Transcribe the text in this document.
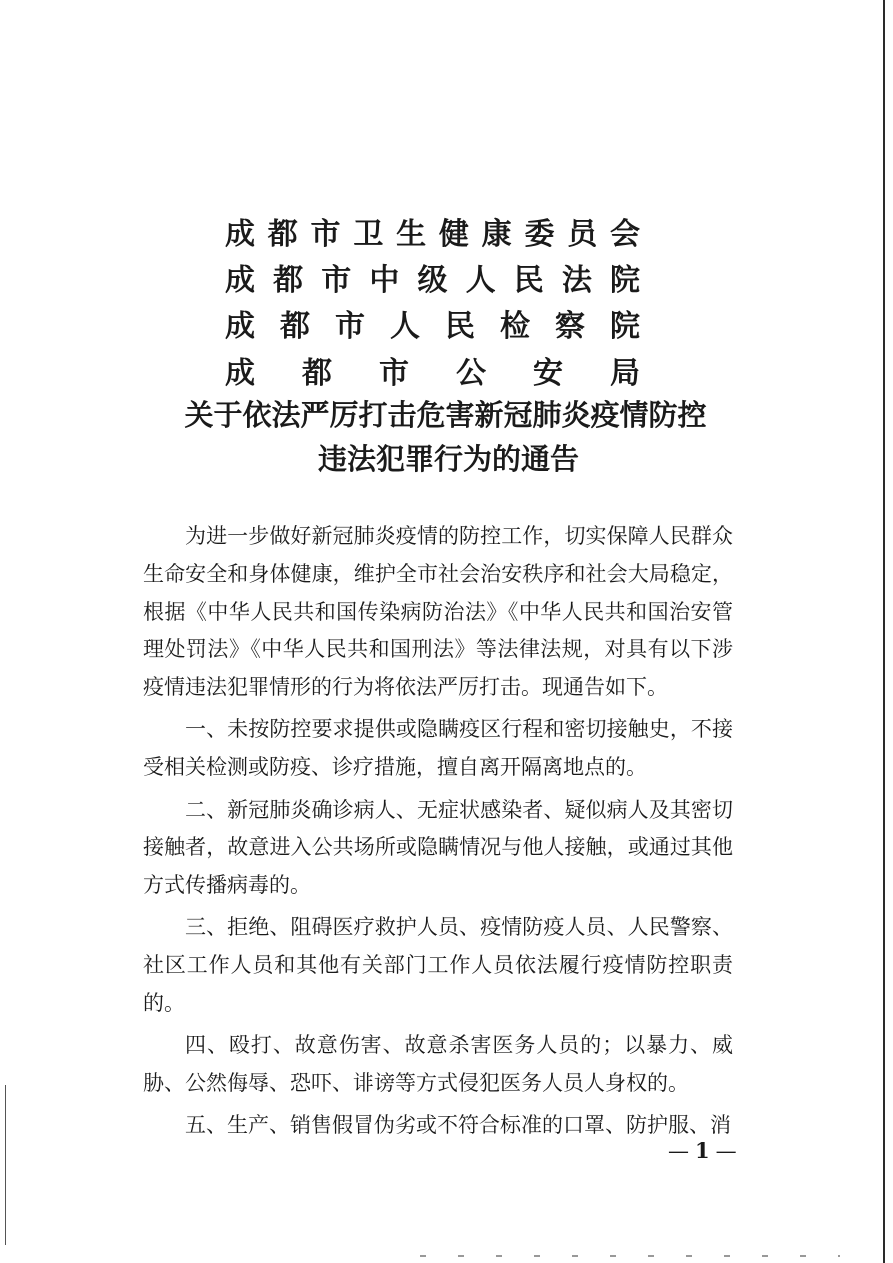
成都市卫生健康委员会
成都市中级人民法院
成都市人民检察院
成都市公安局
关于依法严厉打击危害新冠肺炎疫情防控
违法犯罪行为的通告

为进一步做好新冠肺炎疫情的防控工作，切实保障人民群众生命安全和身体健康，维护全市社会治安秩序和社会大局稳定，根据《中华人民共和国传染病防治法》《中华人民共和国治安管理处罚法》《中华人民共和国刑法》等法律法规，对具有以下涉疫情违法犯罪情形的行为将依法严厉打击。现通告如下。

一、未按防控要求提供或隐瞒疫区行程和密切接触史，不接受相关检测或防疫、诊疗措施，擅自离开隔离地点的。

二、新冠肺炎确诊病人、无症状感染者、疑似病人及其密切接触者，故意进入公共场所或隐瞒情况与他人接触，或通过其他方式传播病毒的。

三、拒绝、阻碍医疗救护人员、疫情防疫人员、人民警察、社区工作人员和其他有关部门工作人员依法履行疫情防控职责的。

四、殴打、故意伤害、故意杀害医务人员的；以暴力、威胁、公然侮辱、恐吓、诽谤等方式侵犯医务人员人身权的。

五、生产、销售假冒伪劣或不符合标准的口罩、防护服、消

— 1 —
